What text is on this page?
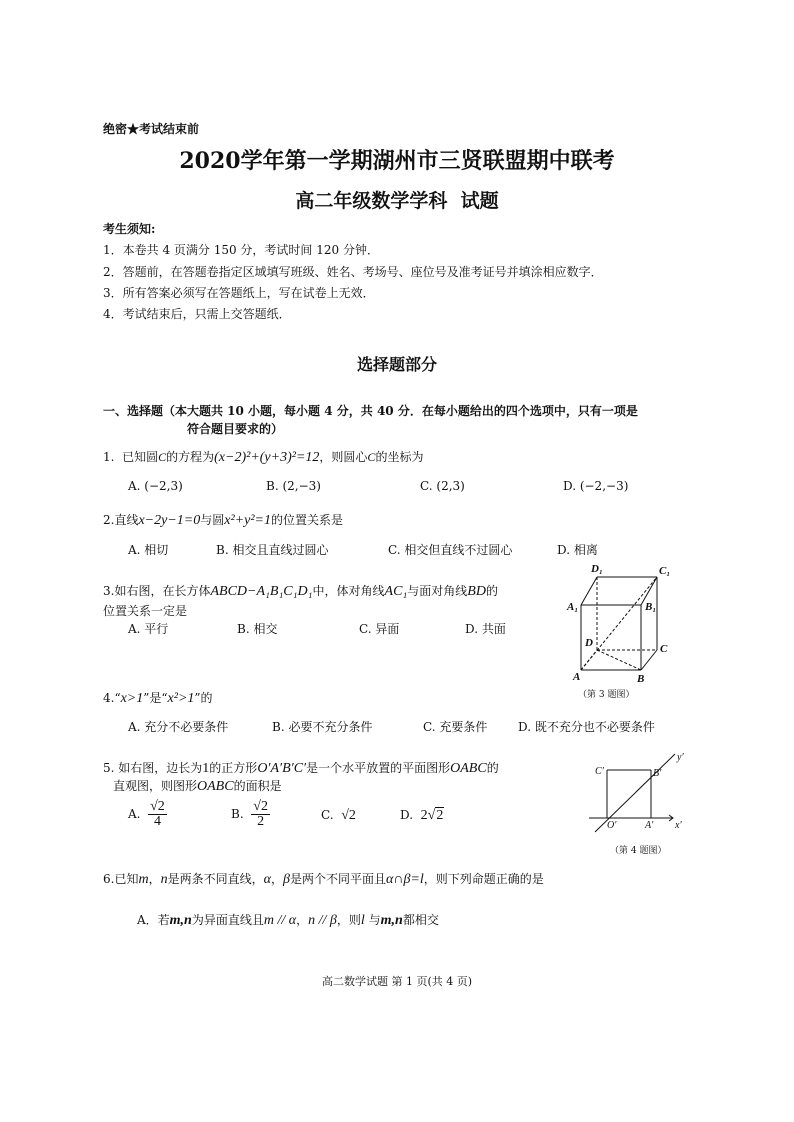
绝密★考试结束前
2020学年第一学期湖州市三贤联盟期中联考
高二年级数学学科  试题
考生须知:
1．本卷共 4 页满分 150 分，考试时间 120 分钟．
2．答题前，在答题卷指定区域填写班级、姓名、考场号、座位号及准考证号并填涂相应数字．
3．所有答案必须写在答题纸上，写在试卷上无效．
4．考试结束后，只需上交答题纸．
选择题部分
一、选择题（本大题共 10 小题，每小题 4 分，共 40 分．在每小题给出的四个选项中，只有一项是
符合题目要求的）
1. 已知圆C的方程为(x−2)²+(y+3)²=12，则圆心C的坐标为
A. (−2,3)	B. (2,−3)	C. (2,3)	D. (−2,−3)
2.直线x−2y−1=0与圆x²+y²=1的位置关系是
A. 相切	B. 相交且直线过圆心	C. 相交但直线不过圆心	D. 相离
3.如右图，在长方体ABCD−A₁B₁C₁D₁中，体对角线AC₁与面对角线BD的
位置关系一定是
A. 平行	B. 相交	C. 异面	D. 共面
D₁	C₁
A₁	B₁
D	C
A	B
（第 3 题图）
4.“x>1”是“x²>1”的
A. 充分不必要条件	B. 必要不充分条件	C. 充要条件	D. 既不充分也不必要条件
5. 如右图，边长为1的正方形O′A′B′C′是一个水平放置的平面图形OABC的
直观图，则图形OABC的面积是
A. $\frac{√2}{4}$	B. $\frac{√2}{2}$	C. √2	D. 2√2
y′
C′	B′
O′	A′ x′
（第 4 题图）
6.已知m，n是两条不同直线，α，β是两个不同平面且α∩β=l，则下列命题正确的是
A．若m,n为异面直线且m // α，n // β，则l 与m,n都相交
高二数学试题 第 1 页(共 4 页)
